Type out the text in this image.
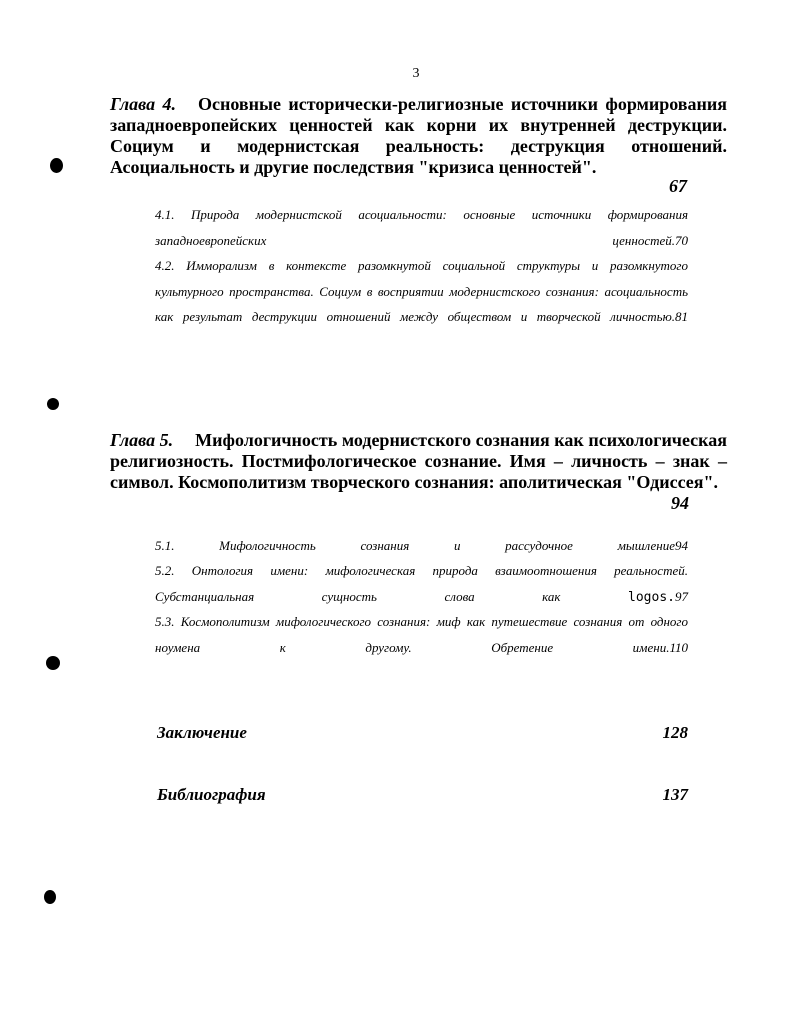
3
Глава 4. Основные исторически-религиозные источники формирования западноевропейских ценностей как корни их внутренней деструкции. Социум и модернистская реальность: деструкция отношений. Асоциальность и другие последствия "кризиса ценностей".
67
4.1. Природа модернистской асоциальности: основные источники формирования западноевропейских ценностей. 70
4.2. Имморализм в контексте разомкнутой социальной структуры и разомкнутого культурного пространства. Социум в восприятии модернистского сознания: асоциальность как результат деструкции отношений между обществом и творческой личностью. 81
Глава 5. Мифологичность модернистского сознания как психологическая религиозность. Постмифологическое сознание. Имя – личность – знак – символ. Космополитизм творческого сознания: аполитическая "Одиссея".
94
5.1. Мифологичность сознания и рассудочное мышление 94
5.2. Онтология имени: мифологическая природа взаимоотношения реальностей. Субстанциальная сущность слова как	logos. 97
5.3. Космополитизм мифологического сознания: миф как путешествие сознания от одного ноумена к другому. Обретение имени. 110
Заключение	128
Библиография	137
